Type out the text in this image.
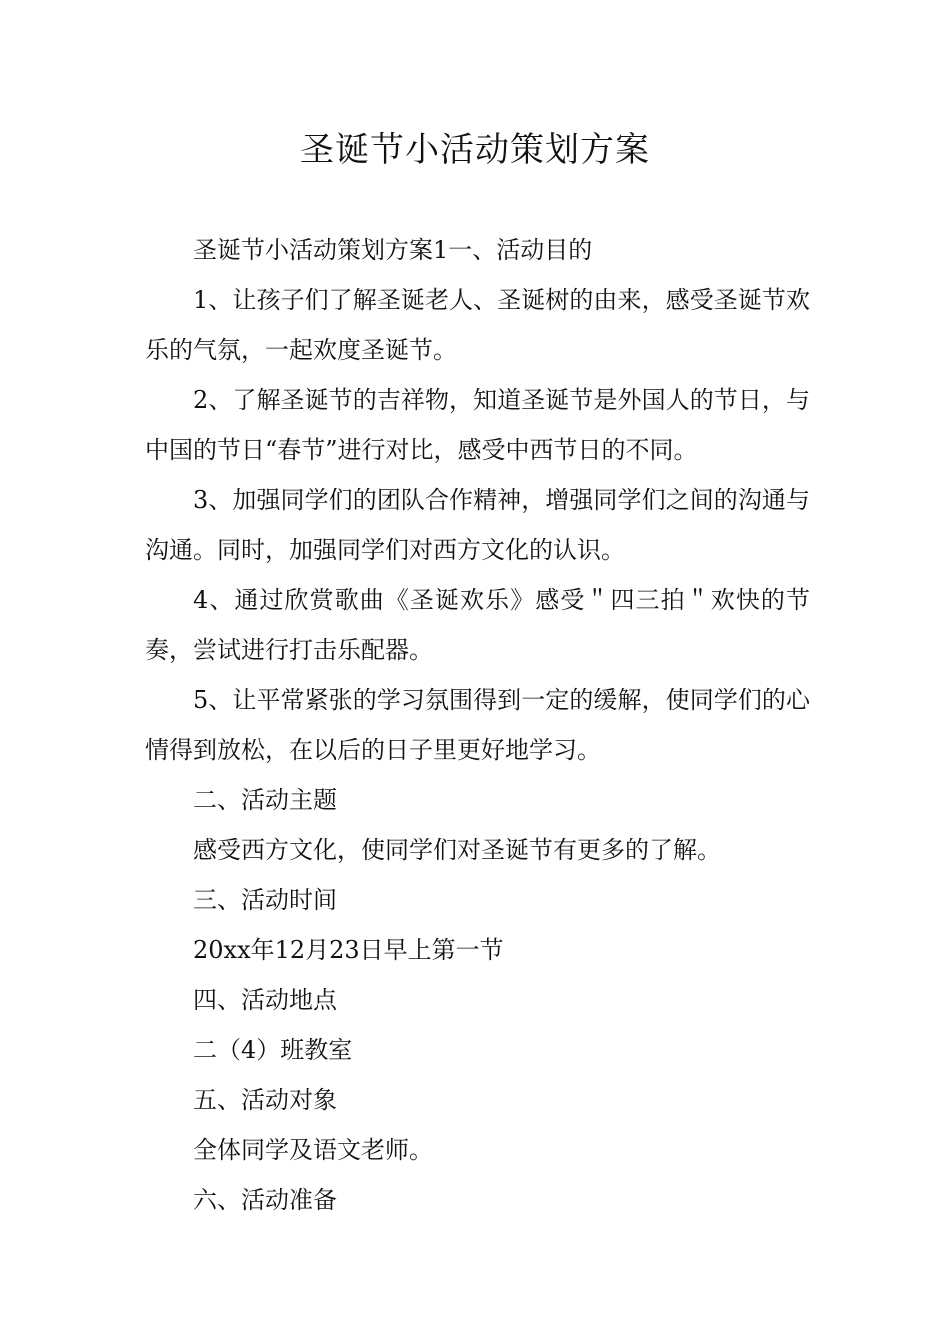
圣诞节小活动策划方案

圣诞节小活动策划方案1一、活动目的

1、让孩子们了解圣诞老人、圣诞树的由来，感受圣诞节欢乐的气氛，一起欢度圣诞节。

2、了解圣诞节的吉祥物，知道圣诞节是外国人的节日，与中国的节日“春节”进行对比，感受中西节日的不同。

3、加强同学们的团队合作精神，增强同学们之间的沟通与沟通。同时，加强同学们对西方文化的认识。

4、通过欣赏歌曲《圣诞欢乐》感受＂四三拍＂欢快的节奏，尝试进行打击乐配器。

5、让平常紧张的学习氛围得到一定的缓解，使同学们的心情得到放松，在以后的日子里更好地学习。

二、活动主题

感受西方文化，使同学们对圣诞节有更多的了解。

三、活动时间

20xx年12月23日早上第一节

四、活动地点

二（4）班教室

五、活动对象

全体同学及语文老师。

六、活动准备
